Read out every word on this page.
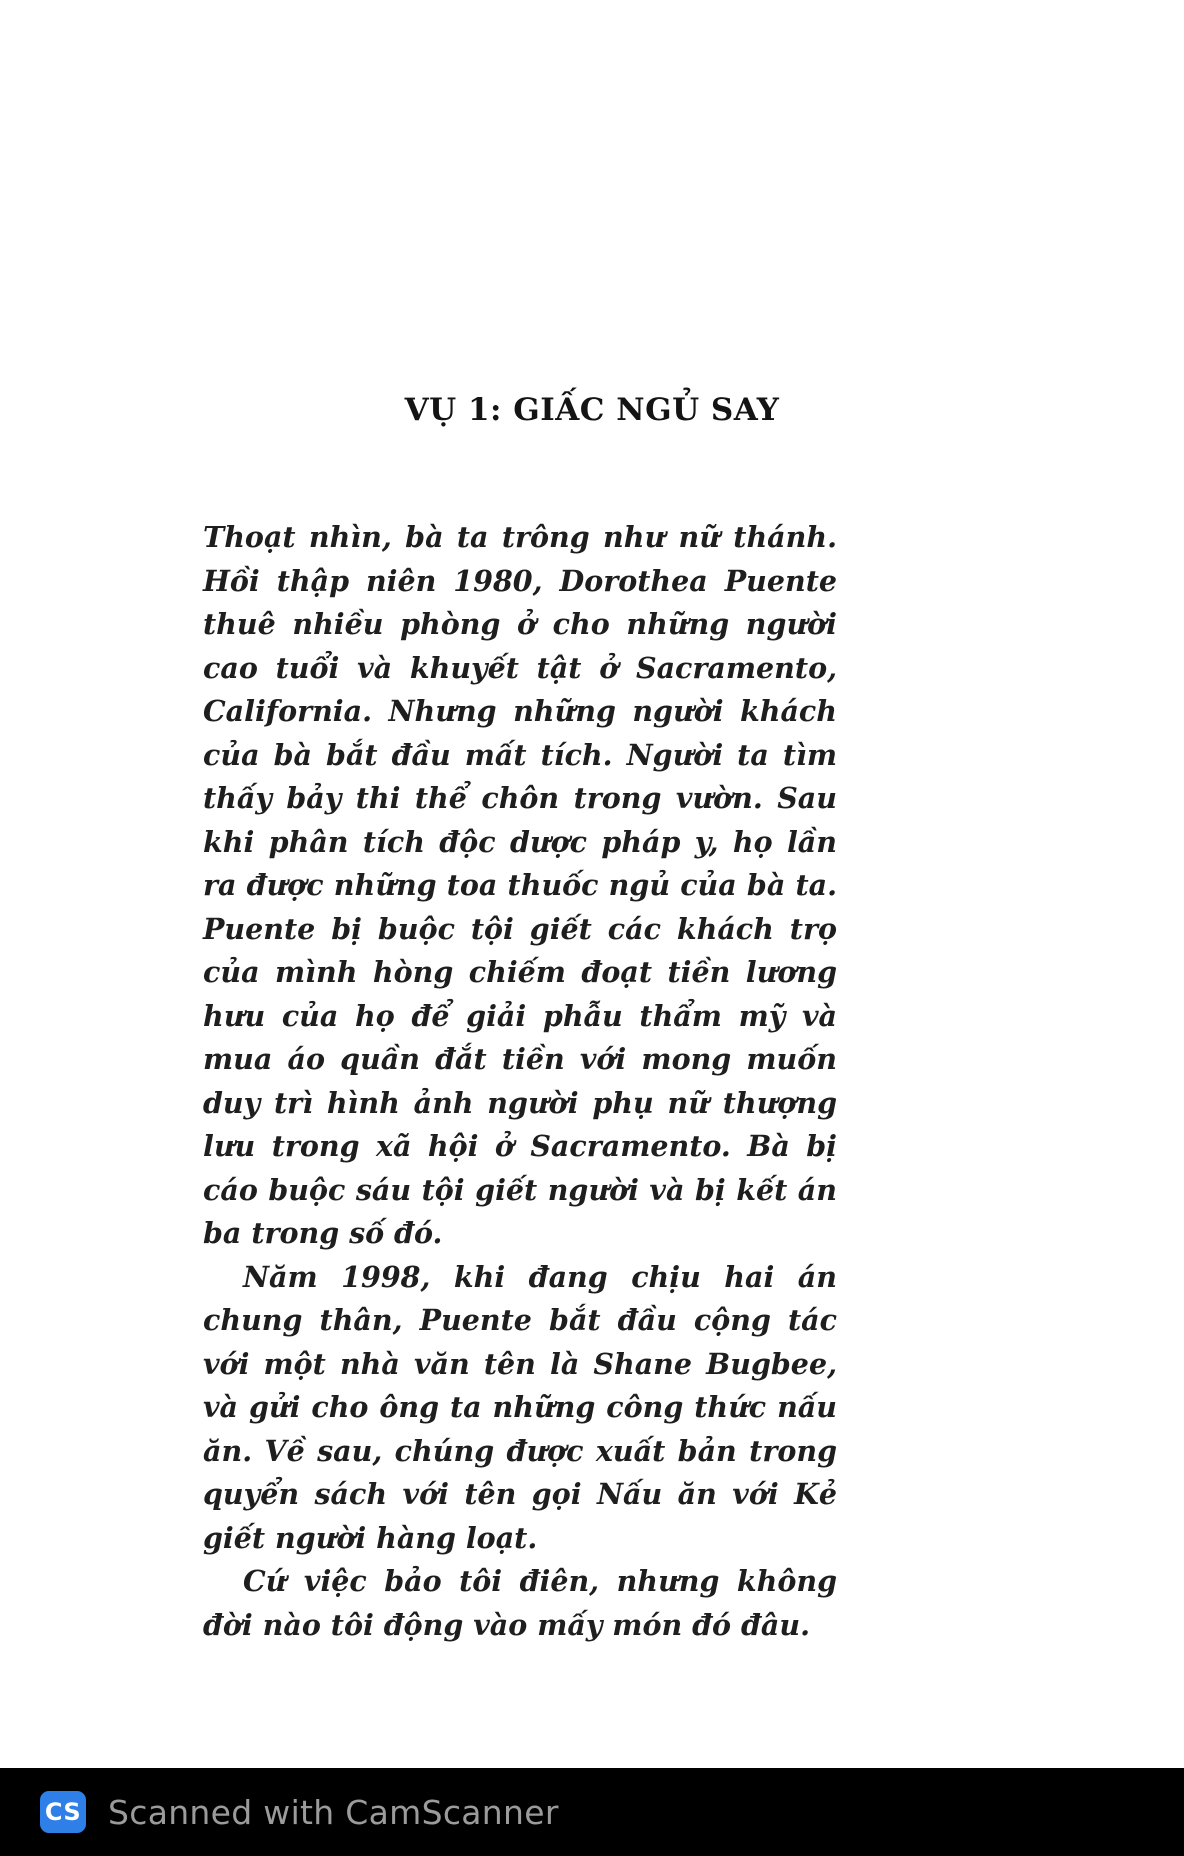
VỤ 1: GIẤC NGỦ SAY

Thoạt nhìn, bà ta trông như nữ thánh. Hồi thập niên 1980, Dorothea Puente thuê nhiều phòng ở cho những người cao tuổi và khuyết tật ở Sacramento, California. Nhưng những người khách của bà bắt đầu mất tích. Người ta tìm thấy bảy thi thể chôn trong vườn. Sau khi phân tích độc dược pháp y, họ lần ra được những toa thuốc ngủ của bà ta. Puente bị buộc tội giết các khách trọ của mình hòng chiếm đoạt tiền lương hưu của họ để giải phẫu thẩm mỹ và mua áo quần đắt tiền với mong muốn duy trì hình ảnh người phụ nữ thượng lưu trong xã hội ở Sacramento. Bà bị cáo buộc sáu tội giết người và bị kết án ba trong số đó.

Năm 1998, khi đang chịu hai án chung thân, Puente bắt đầu cộng tác với một nhà văn tên là Shane Bugbee, và gửi cho ông ta những công thức nấu ăn. Về sau, chúng được xuất bản trong quyển sách với tên gọi Nấu ăn với Kẻ giết người hàng loạt.

Cứ việc bảo tôi điên, nhưng không đời nào tôi động vào mấy món đó đâu.

CS Scanned with CamScanner
